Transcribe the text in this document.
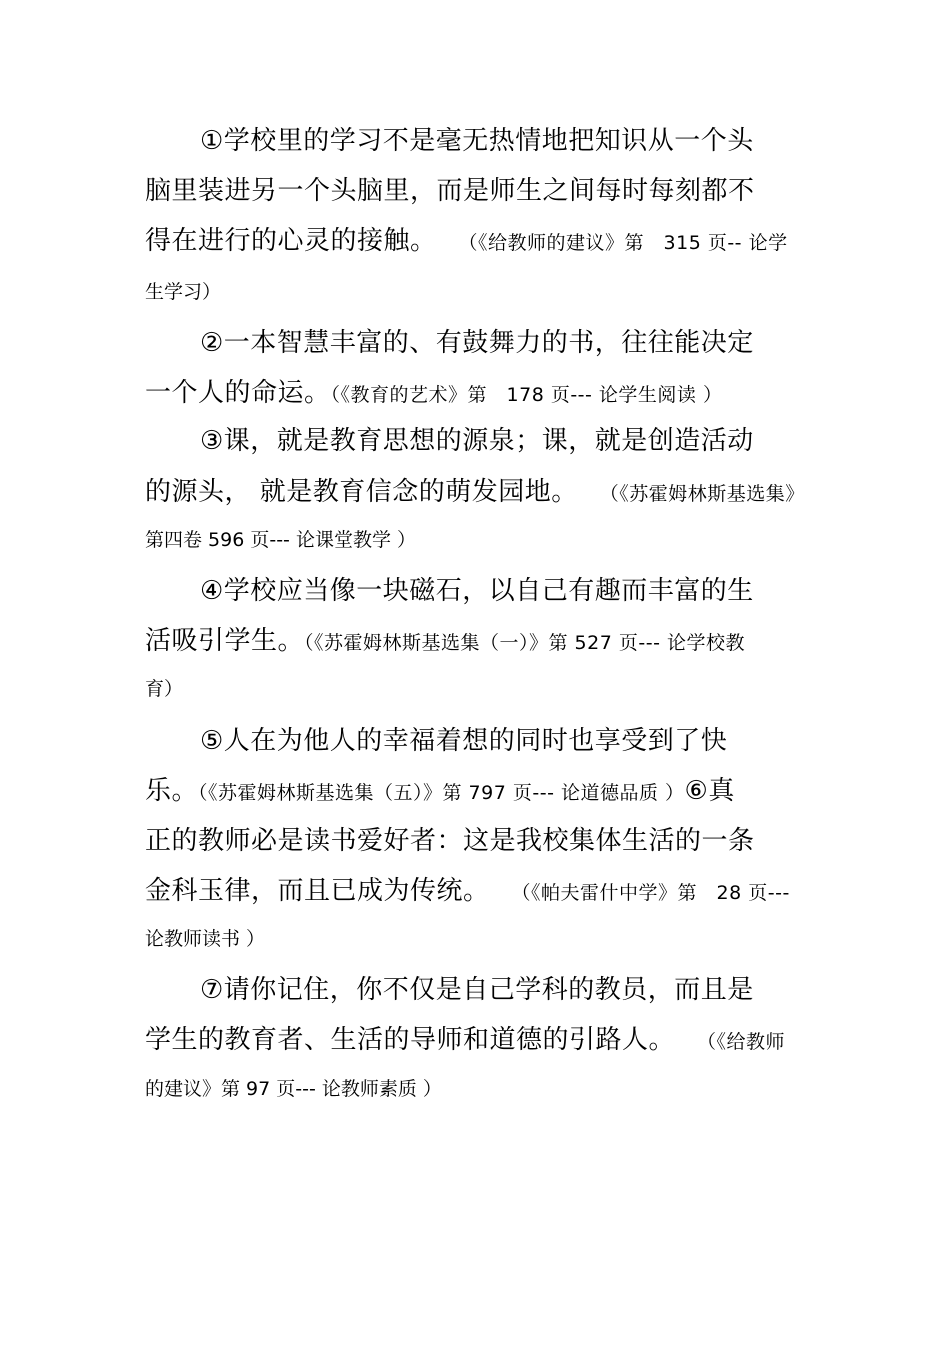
①学校里的学习不是毫无热情地把知识从一个头
脑里装进另一个头脑里，而是师生之间每时每刻都不
得在进行的心灵的接触。 （《给教师的建议》第　315 页-- 论学
生学习）
②一本智慧丰富的、有鼓舞力的书，往往能决定
一个人的命运。（《教育的艺术》第　178 页--- 论学生阅读 ）
③课，就是教育思想的源泉；课，就是创造活动
的源头， 就是教育信念的萌发园地。 （《苏霍姆林斯基选集》
第四卷 596 页--- 论课堂教学 ）
④学校应当像一块磁石，以自己有趣而丰富的生
活吸引学生。（《苏霍姆林斯基选集（一）》第 527 页--- 论学校教
育）
⑤人在为他人的幸福着想的同时也享受到了快
乐。（《苏霍姆林斯基选集（五）》第 797 页--- 论道德品质 ）⑥真
正的教师必是读书爱好者：这是我校集体生活的一条
金科玉律，而且已成为传统。 （《帕夫雷什中学》第　28 页---
论教师读书 ）
⑦请你记住，你不仅是自己学科的教员，而且是
学生的教育者、生活的导师和道德的引路人。 （《给教师
的建议》第 97 页--- 论教师素质 ）
